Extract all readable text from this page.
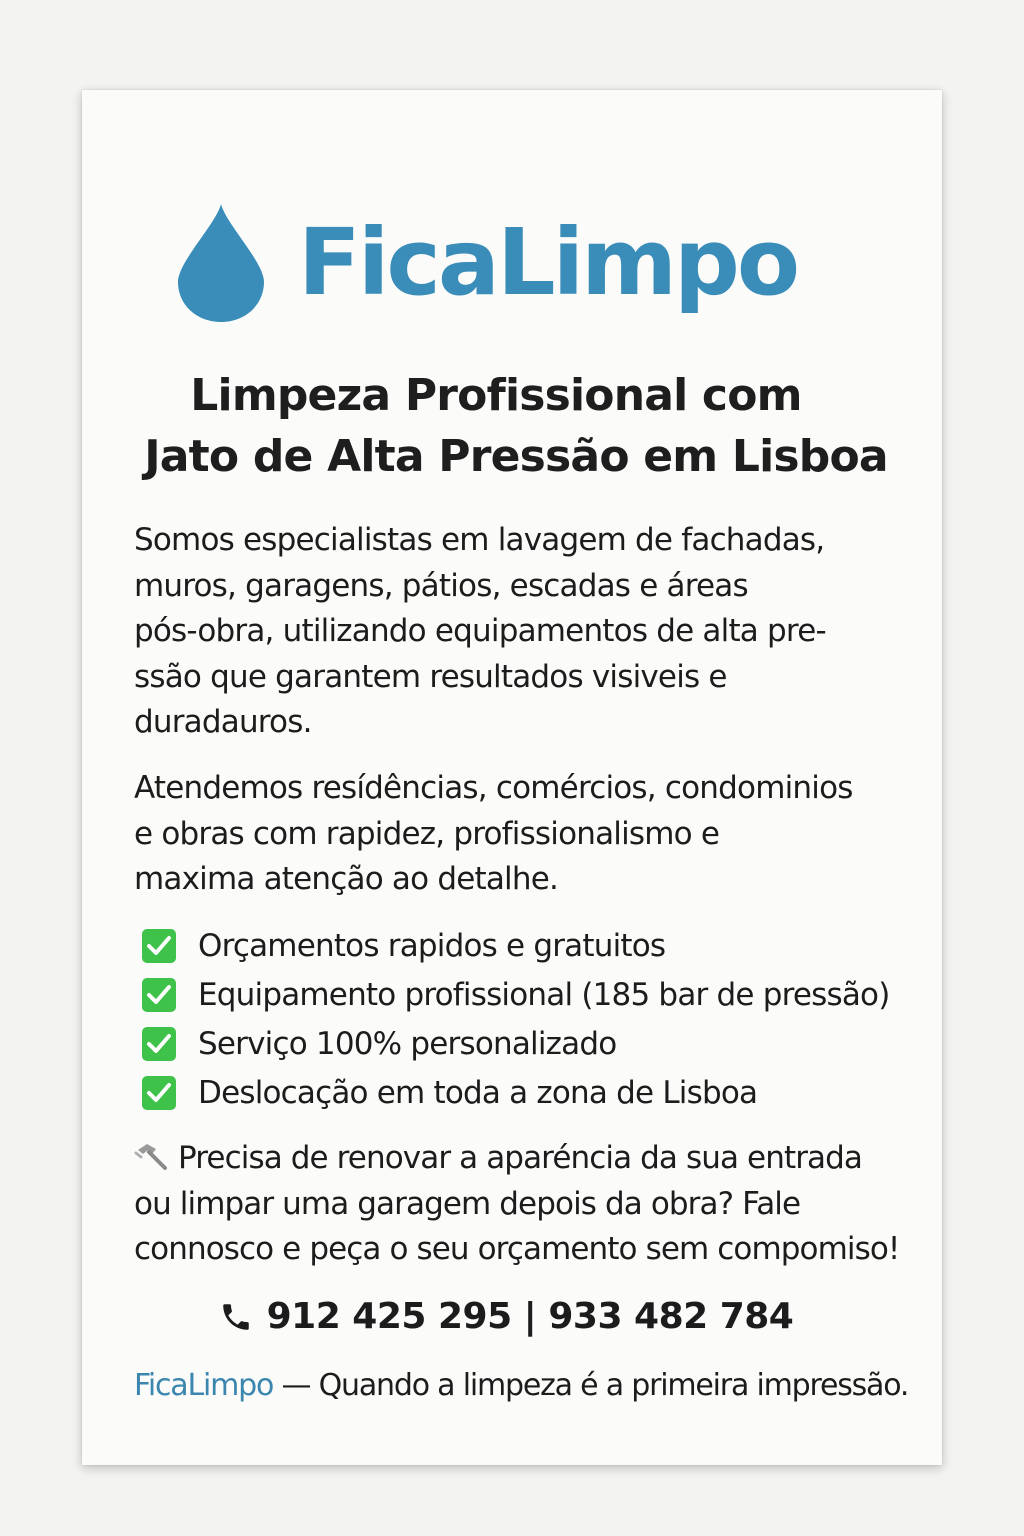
FicaLimpo
Limpeza Profissional com
Jato de Alta Pressão em Lisboa
Somos especialistas em lavagem de fachadas,
muros, garagens, pátios, escadas e áreas
pós-obra, utilizando equipamentos de alta pre-
ssão que garantem resultados visiveis e
duradauros.
Atendemos resídências, comércios, condominios
e obras com rapidez, profissionalismo e
maxima atenção ao detalhe.
Orçamentos rapidos e gratuitos
Equipamento profissional (185 bar de pressão)
Serviço 100% personalizado
Deslocação em toda a zona de Lisboa
Precisa de renovar a aparéncia da sua entrada
ou limpar uma garagem depois da obra? Fale
connosco e peça o seu orçamento sem compomiso!
912 425 295 | 933 482 784
FicaLimpo — Quando a limpeza é a primeira impressão.
